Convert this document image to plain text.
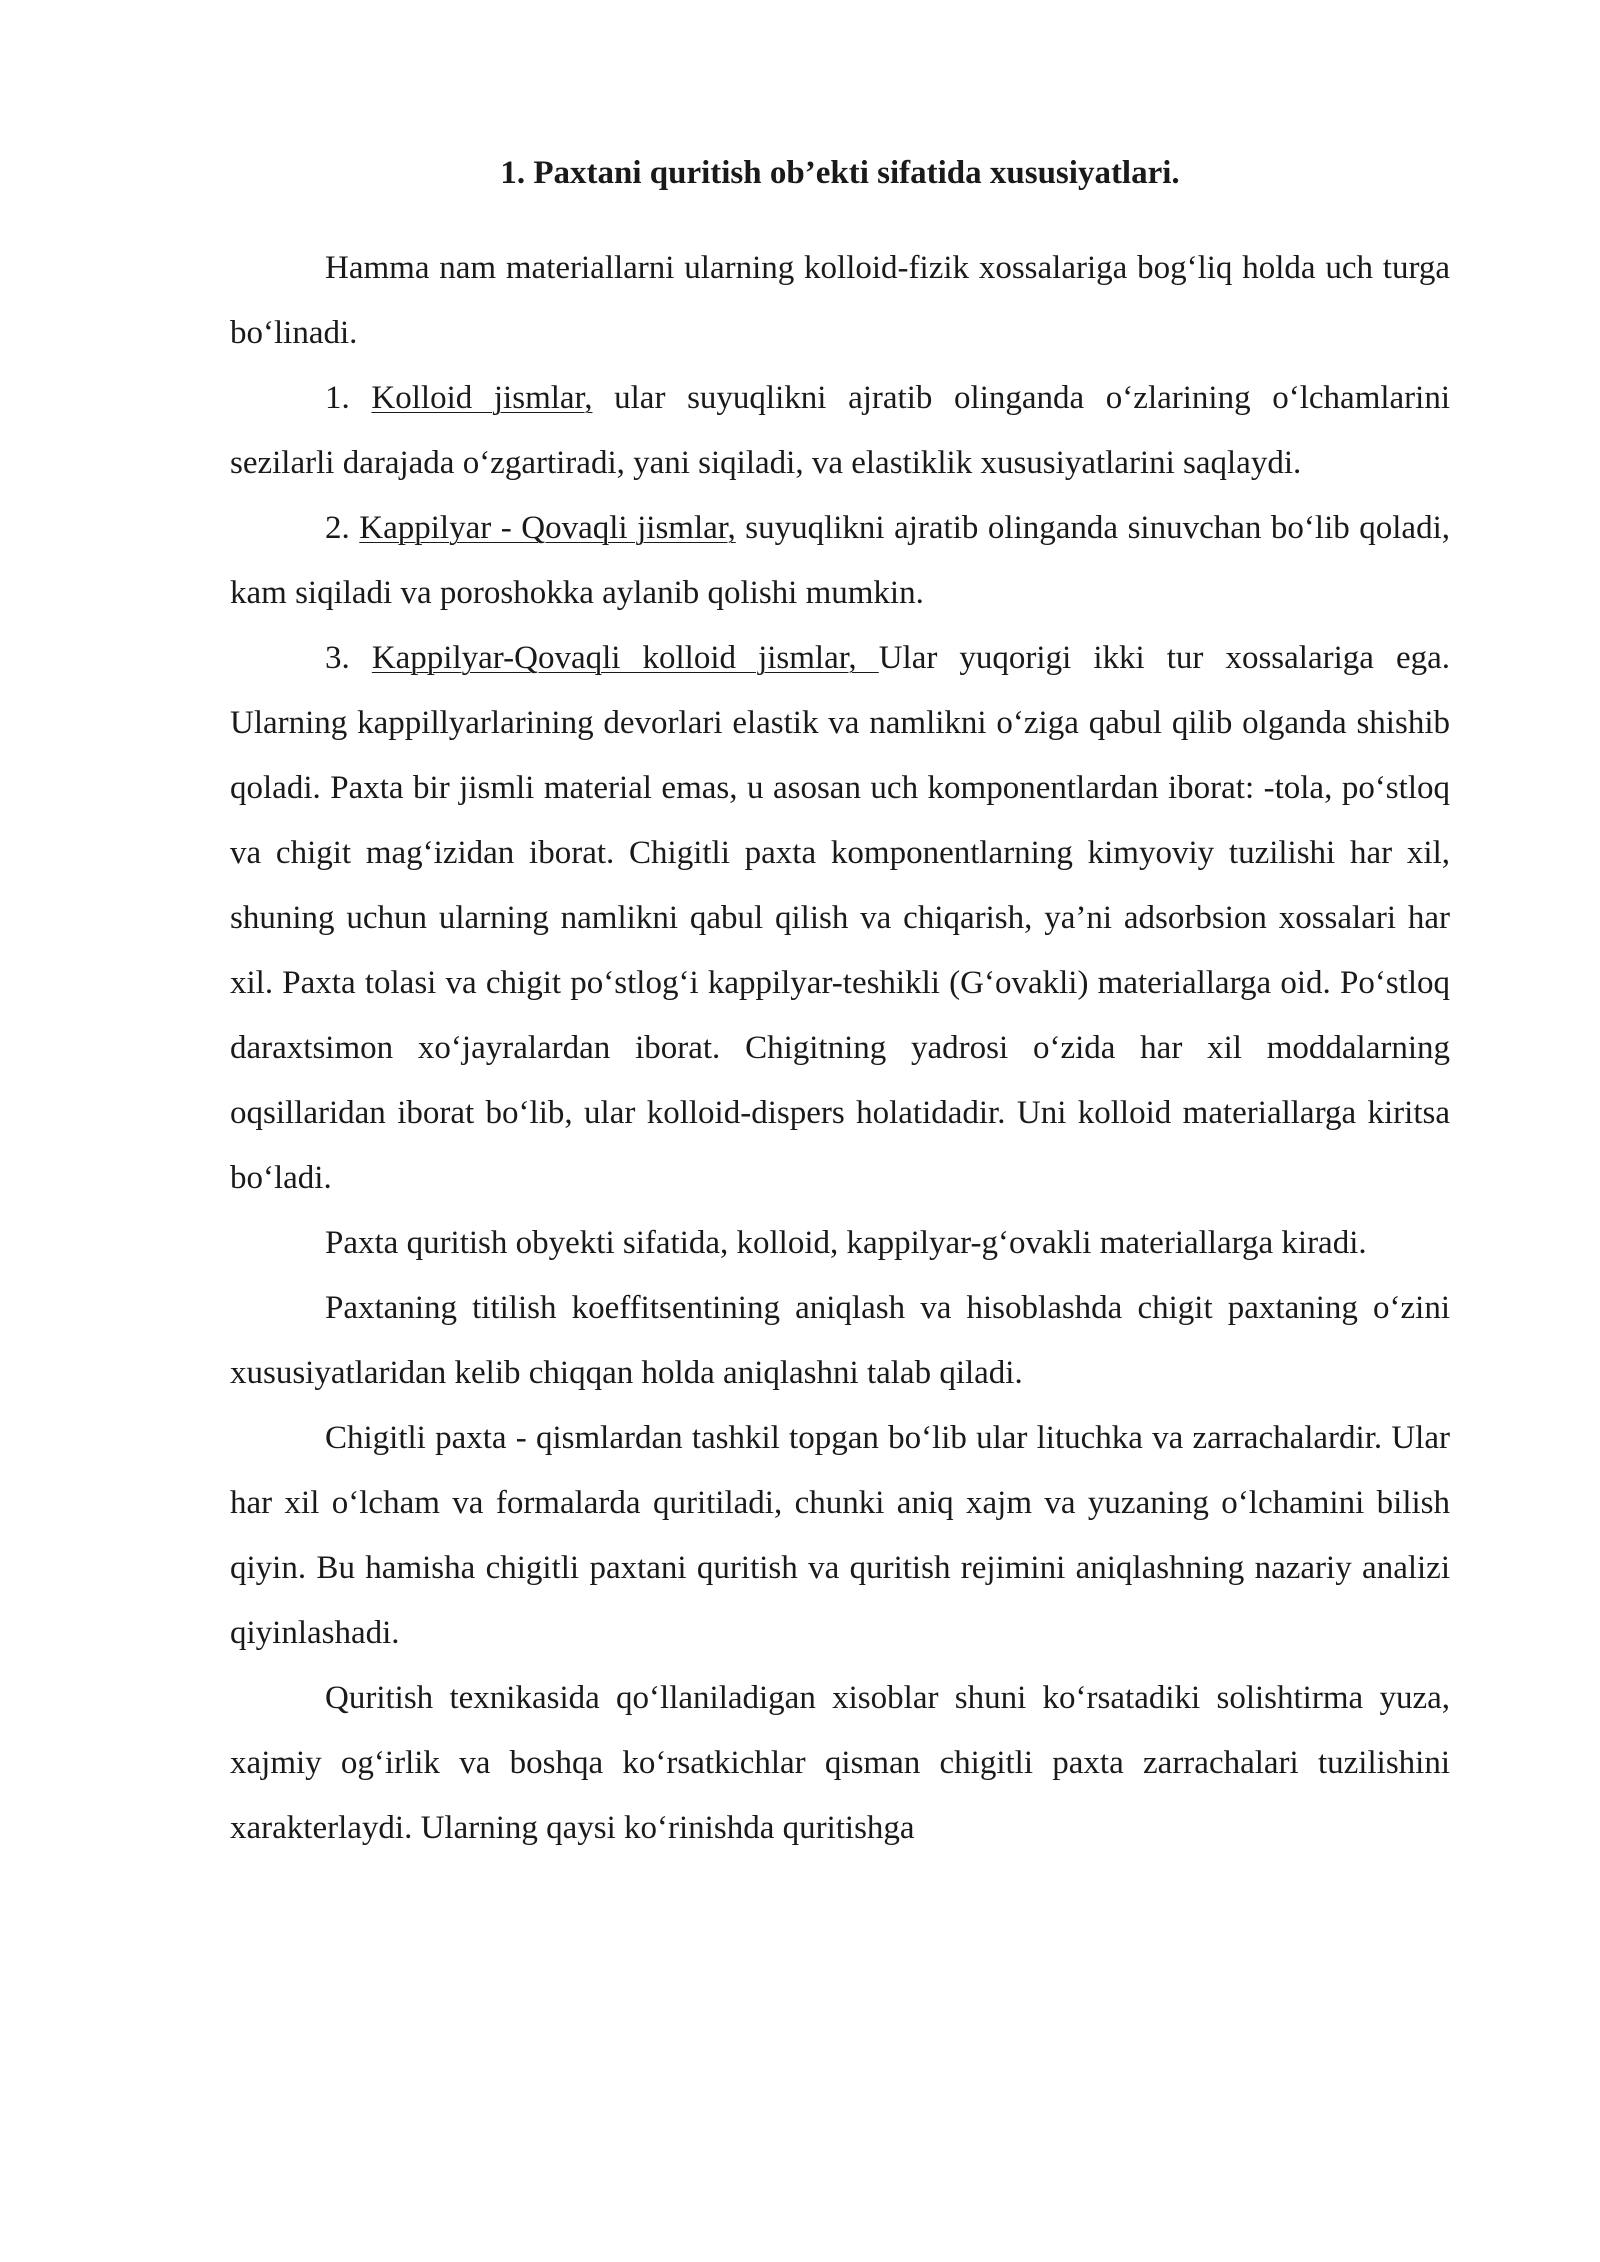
1. Paxtani quritish ob’ekti sifatida xususiyatlari.

Hamma nam materiallarni ularning kolloid-fizik xossalariga bog‘liq holda uch turga bo‘linadi.

1. Kolloid jismlar, ular suyuqlikni ajratib olinganda o‘zlarining o‘lchamlarini sezilarli darajada o‘zgartiradi, yani siqiladi, va elastiklik xususiyatlarini saqlaydi.

2. Kappilyar - Qovaqli jismlar, suyuqlikni ajratib olinganda sinuvchan bo‘lib qoladi, kam siqiladi va poroshokka aylanib qolishi mumkin.

3. Kappilyar-Qovaqli kolloid jismlar, Ular yuqorigi ikki tur xossalariga ega. Ularning kappillyarlarining devorlari elastik va namlikni o‘ziga qabul qilib olganda shishib qoladi. Paxta bir jismli material emas, u asosan uch komponentlardan iborat: -tola, po‘stloq va chigit mag‘izidan iborat. Chigitli paxta komponentlarning kimyoviy tuzilishi har xil, shuning uchun ularning namlikni qabul qilish va chiqarish, ya’ni adsorbsion xossalari har xil. Paxta tolasi va chigit po‘stlog‘i kappilyar-teshikli (G‘ovakli) materiallarga oid. Po‘stloq daraxtsimon xo‘jayralardan iborat. Chigitning yadrosi o‘zida har xil moddalarning oqsillaridan iborat bo‘lib, ular kolloid-dispers holatidadir. Uni kolloid materiallarga kiritsa bo‘ladi.

Paxta quritish obyekti sifatida, kolloid, kappilyar-g‘ovakli materiallarga kiradi.

Paxtaning titilish koeffitsentining aniqlash va hisoblashda chigit paxtaning o‘zini xususiyatlaridan kelib chiqqan holda aniqlashni talab qiladi.

Chigitli paxta - qismlardan tashkil topgan bo‘lib ular lituchka va zarrachalardir. Ular har xil o‘lcham va formalarda quritiladi, chunki aniq xajm va yuzaning o‘lchamini bilish qiyin. Bu hamisha chigitli paxtani quritish va quritish rejimini aniqlashning nazariy analizi qiyinlashadi.

Quritish texnikasida qo‘llaniladigan xisoblar shuni ko‘rsatadiki solishtirma yuza, xajmiy og‘irlik va boshqa ko‘rsatkichlar qisman chigitli paxta zarrachalari tuzilishini xarakterlaydi. Ularning qaysi ko‘rinishda quritishga
